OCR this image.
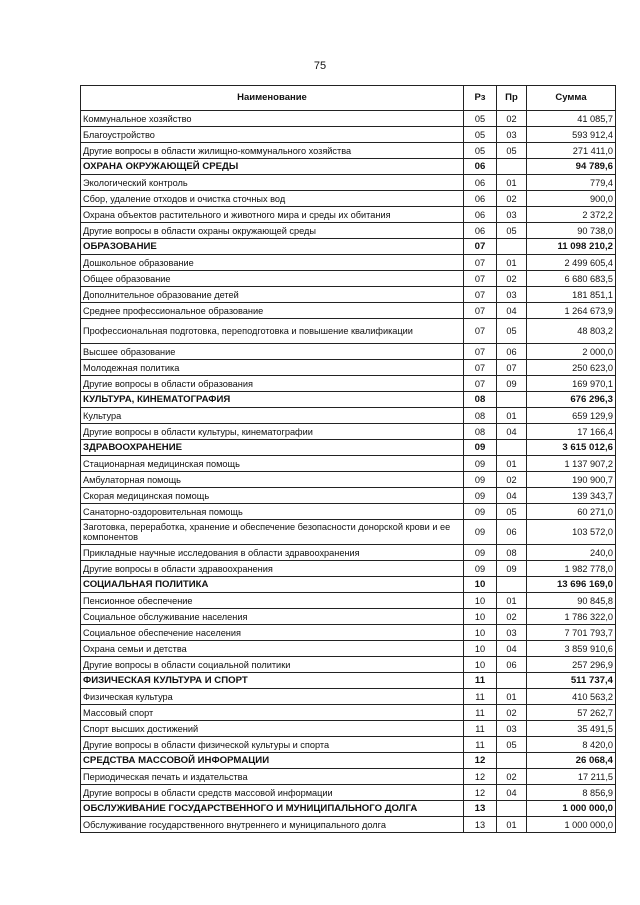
75
Наименование	Рз	Пр	Сумма
Коммунальное хозяйство	05	02	41 085,7
Благоустройство	05	03	593 912,4
Другие вопросы в области жилищно-коммунального хозяйства	05	05	271 411,0
ОХРАНА ОКРУЖАЮЩЕЙ СРЕДЫ	06		94 789,6
Экологический контроль	06	01	779,4
Сбор, удаление отходов и очистка сточных вод	06	02	900,0
Охрана объектов растительного и животного мира и среды их обитания	06	03	2 372,2
Другие вопросы в области охраны окружающей среды	06	05	90 738,0
ОБРАЗОВАНИЕ	07		11 098 210,2
Дошкольное образование	07	01	2 499 605,4
Общее образование	07	02	6 680 683,5
Дополнительное образование детей	07	03	181 851,1
Среднее профессиональное образование	07	04	1 264 673,9
Профессиональная подготовка, переподготовка и повышение квалификации	07	05	48 803,2
Высшее образование	07	06	2 000,0
Молодежная политика	07	07	250 623,0
Другие вопросы в области образования	07	09	169 970,1
КУЛЬТУРА, КИНЕМАТОГРАФИЯ	08		676 296,3
Культура	08	01	659 129,9
Другие вопросы в области культуры, кинематографии	08	04	17 166,4
ЗДРАВООХРАНЕНИЕ	09		3 615 012,6
Стационарная медицинская помощь	09	01	1 137 907,2
Амбулаторная помощь	09	02	190 900,7
Скорая медицинская помощь	09	04	139 343,7
Санаторно-оздоровительная помощь	09	05	60 271,0
Заготовка, переработка, хранение и обеспечение безопасности донорской крови и ее компонентов	09	06	103 572,0
Прикладные научные исследования в области здравоохранения	09	08	240,0
Другие вопросы в области здравоохранения	09	09	1 982 778,0
СОЦИАЛЬНАЯ ПОЛИТИКА	10		13 696 169,0
Пенсионное обеспечение	10	01	90 845,8
Социальное обслуживание населения	10	02	1 786 322,0
Социальное обеспечение населения	10	03	7 701 793,7
Охрана семьи и детства	10	04	3 859 910,6
Другие вопросы в области социальной политики	10	06	257 296,9
ФИЗИЧЕСКАЯ КУЛЬТУРА И СПОРТ	11		511 737,4
Физическая культура	11	01	410 563,2
Массовый спорт	11	02	57 262,7
Спорт высших достижений	11	03	35 491,5
Другие вопросы в области физической культуры и спорта	11	05	8 420,0
СРЕДСТВА МАССОВОЙ ИНФОРМАЦИИ	12		26 068,4
Периодическая печать и издательства	12	02	17 211,5
Другие вопросы в области средств массовой информации	12	04	8 856,9
ОБСЛУЖИВАНИЕ ГОСУДАРСТВЕННОГО И МУНИЦИПАЛЬНОГО ДОЛГА	13		1 000 000,0
Обслуживание государственного внутреннего и муниципального долга	13	01	1 000 000,0
